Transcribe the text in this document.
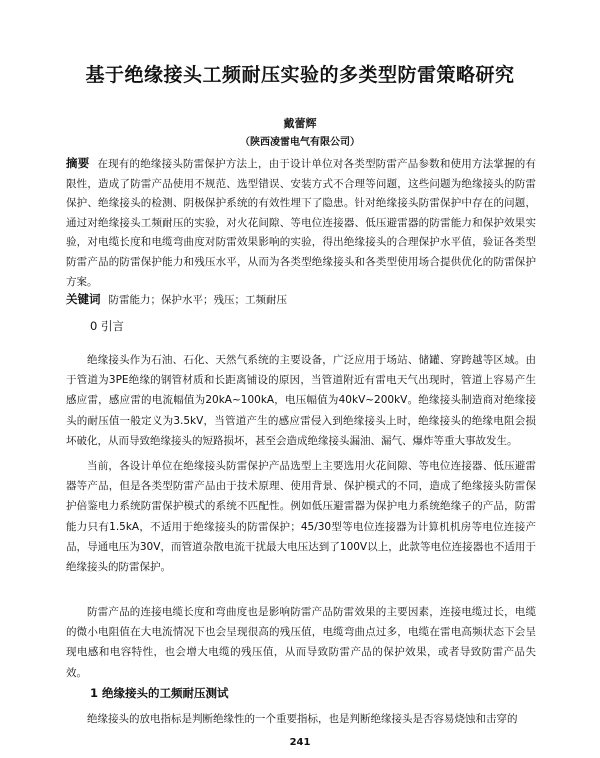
基于绝缘接头工频耐压实验的多类型防雷策略研究
戴蕾辉
（陕西凌雷电气有限公司）
摘要 在现有的绝缘接头防雷保护方法上，由于设计单位对各类型防雷产品参数和使用方法掌握的有限性，造成了防雷产品使用不规范、选型错误、安装方式不合理等问题，这些问题为绝缘接头的防雷保护、绝缘接头的检测、阴极保护系统的有效性埋下了隐患。针对绝缘接头防雷保护中存在的问题，通过对绝缘接头工频耐压的实验，对火花间隙、等电位连接器、低压避雷器的防雷能力和保护效果实验，对电缆长度和电缆弯曲度对防雷效果影响的实验，得出绝缘接头的合理保护水平值，验证各类型防雷产品的防雷保护能力和残压水平，从而为各类型绝缘接头和各类型使用场合提供优化的防雷保护方案。
关键词 防雷能力；保护水平；残压；工频耐压
0 引言
绝缘接头作为石油、石化、天然气系统的主要设备，广泛应用于场站、储罐、穿跨越等区域。由于管道为3PE绝缘的钢管材质和长距离铺设的原因，当管道附近有雷电天气出现时，管道上容易产生感应雷，感应雷的电流幅值为20kA~100kA，电压幅值为40kV~200kV。绝缘接头制造商对绝缘接头的耐压值一般定义为3.5kV，当管道产生的感应雷侵入到绝缘接头上时，绝缘接头的绝缘电阻会损坏破化，从而导致绝缘接头的短路损坏，甚至会造成绝缘接头漏油、漏气、爆炸等重大事故发生。
当前，各设计单位在绝缘接头防雷保护产品选型上主要选用火花间隙、等电位连接器、低压避雷器等产品，但是各类型防雷产品由于技术原理、使用背景、保护模式的不同，造成了绝缘接头防雷保护倍鉴电力系统防雷保护模式的系统不匹配性。例如低压避雷器为保护电力系统绝缘子的产品，防雷能力只有1.5kA，不适用于绝缘接头的防雷保护；45/30型等电位连接器为计算机机房等电位连接产品，导通电压为30V，而管道杂散电流干扰最大电压达到了100V以上，此款等电位连接器也不适用于绝缘接头的防雷保护。
防雷产品的连接电缆长度和弯曲度也是影响防雷产品防雷效果的主要因素，连接电缆过长，电缆的微小电阻值在大电流情况下也会呈现很高的残压值，电缆弯曲点过多，电缆在雷电高频状态下会呈现电感和电容特性，也会增大电缆的残压值，从而导致防雷产品的保护效果，或者导致防雷产品失效。
1 绝缘接头的工频耐压测试
绝缘接头的放电指标是判断绝缘性的一个重要指标，也是判断绝缘接头是否容易烧蚀和击穿的
241
